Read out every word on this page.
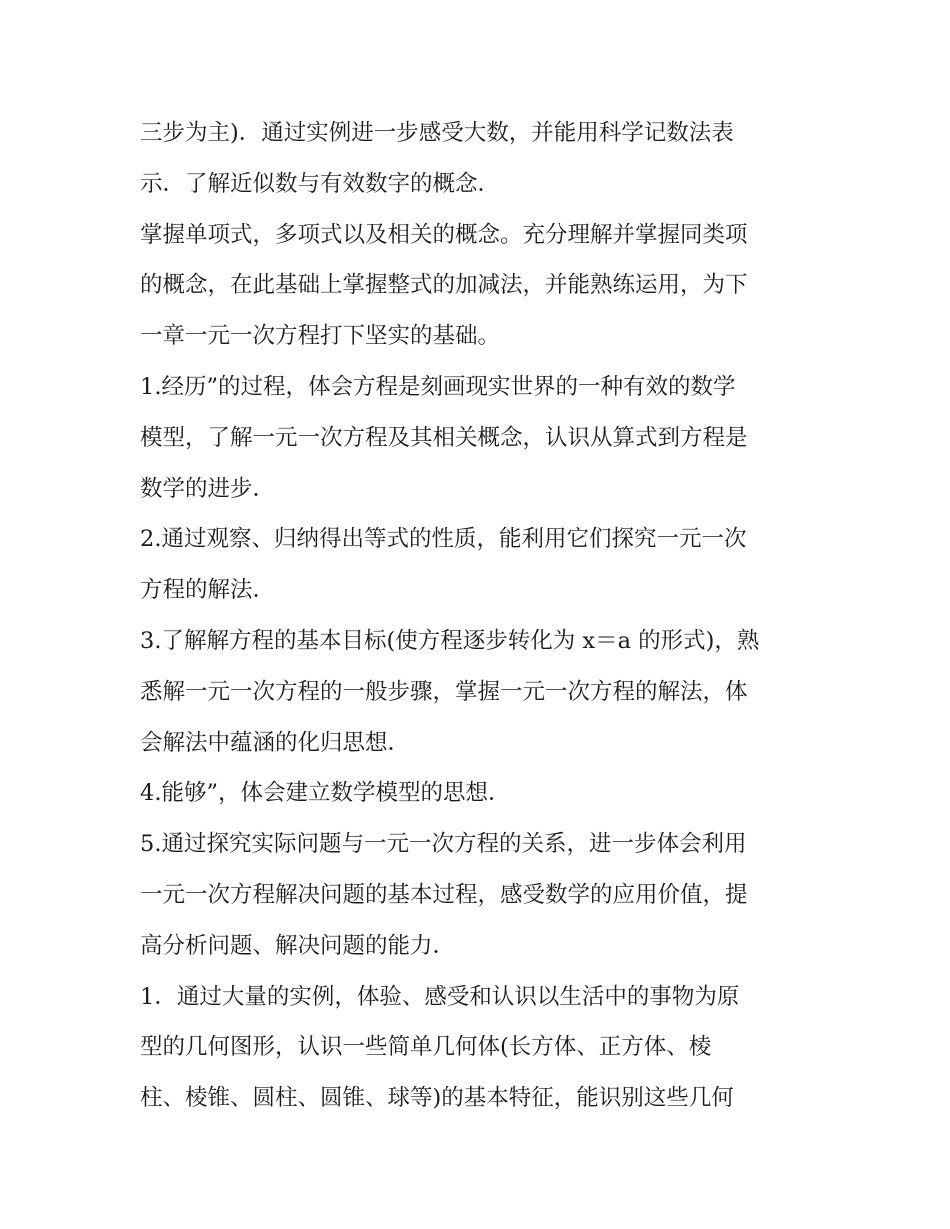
三步为主)．通过实例进一步感受大数，并能用科学记数法表
示．了解近似数与有效数字的概念．
掌握单项式，多项式以及相关的概念。充分理解并掌握同类项
的概念，在此基础上掌握整式的加减法，并能熟练运用，为下
一章一元一次方程打下坚实的基础。
1.经历”的过程，体会方程是刻画现实世界的一种有效的数学
模型，了解一元一次方程及其相关概念，认识从算式到方程是
数学的进步．
2.通过观察、归纳得出等式的性质，能利用它们探究一元一次
方程的解法．
3.了解解方程的基本目标(使方程逐步转化为 x＝a 的形式)，熟
悉解一元一次方程的一般步骤，掌握一元一次方程的解法，体
会解法中蕴涵的化归思想．
4.能够”，体会建立数学模型的思想．
5.通过探究实际问题与一元一次方程的关系，进一步体会利用
一元一次方程解决问题的基本过程，感受数学的应用价值，提
高分析问题、解决问题的能力．
1．通过大量的实例，体验、感受和认识以生活中的事物为原
型的几何图形，认识一些简单几何体(长方体、正方体、棱
柱、棱锥、圆柱、圆锥、球等)的基本特征，能识别这些几何
